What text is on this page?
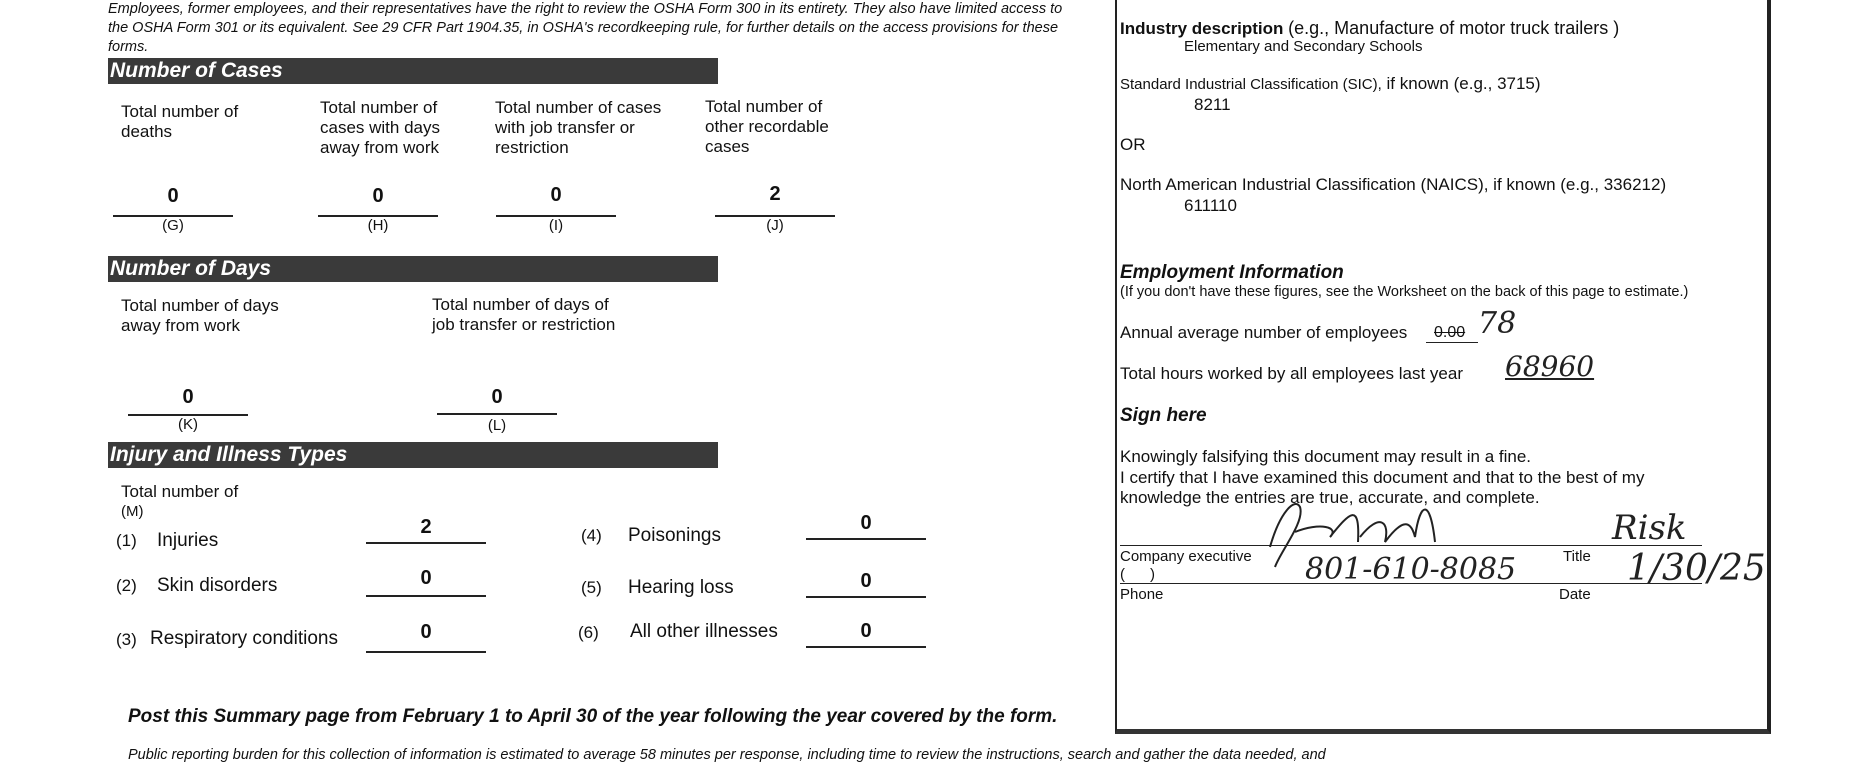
Employees, former employees, and their representatives have the right to review the OSHA Form 300 in its entirety. They also have limited access to the OSHA Form 301 or its equivalent. See 29 CFR Part 1904.35, in OSHA's recordkeeping rule, for further details on the access provisions for these forms.
Number of Cases
Total number of deaths
Total number of cases with days away from work
Total number of cases with job transfer or restriction
Total number of other recordable cases
0	0	0	2
(G)	(H)	(I)	(J)
Number of Days
Total number of days away from work
Total number of days of job transfer or restriction
0	0
(K)	(L)
Injury and Illness Types
Total number of
(M)
(1) Injuries
2
(2) Skin disorders	0
(3) Respiratory conditions	0
(4) Poisonings
0
(5) Hearing loss	0
(6) All other illnesses	0
Post this Summary page from February 1 to April 30 of the year following the year covered by the form.
Public reporting burden for this collection of information is estimated to average 58 minutes per response, including time to review the instructions, search and gather the data needed, and
Industry description (e.g., Manufacture of motor truck trailers )
Elementary and Secondary Schools
Standard Industrial Classification (SIC), if known (e.g., 3715)
8211
OR
North American Industrial Classification (NAICS), if known (e.g., 336212)
611110
Employment Information
(If you don't have these figures, see the Worksheet on the back of this page to estimate.)
Annual average number of employees 0.00 78
Total hours worked by all employees last year 68960
Sign here
Knowingly falsifying this document may result in a fine.
I certify that I have examined this document and that to the best of my knowledge the entries are true, accurate, and complete.
Company executive	Title
Risk
(      )	801-610-8085	1/30/25
Phone	Date
